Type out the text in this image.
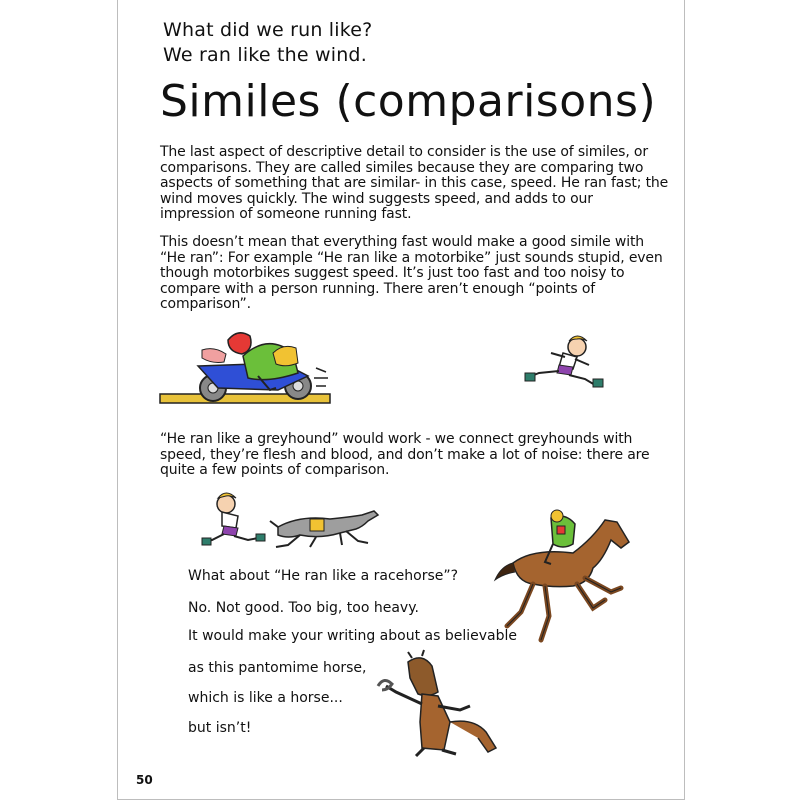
What did we run like?
We ran like the wind.
Similes (comparisons)

The last aspect of descriptive detail to consider is the use of similes, or comparisons. They are called similes because they are comparing two aspects of something that are similar- in this case, speed. He ran fast; the wind moves quickly. The wind suggests speed, and adds to our impression of someone running fast.

This doesn’t mean that everything fast would make a good simile with “He ran”: For example “He ran like a motorbike” just sounds stupid, even though motorbikes suggest speed. It’s just too fast and too noisy to compare with a person running. There aren’t enough “points of comparison”.

“He ran like a greyhound” would work - we connect greyhounds with speed, they’re flesh and blood, and don’t make a lot of noise: there are quite a few points of comparison.

What about “He ran like a racehorse”?
No. Not good. Too big, too heavy.
It would make your writing about as believable
as this pantomime horse,
which is like a horse...
but isn’t!
50
